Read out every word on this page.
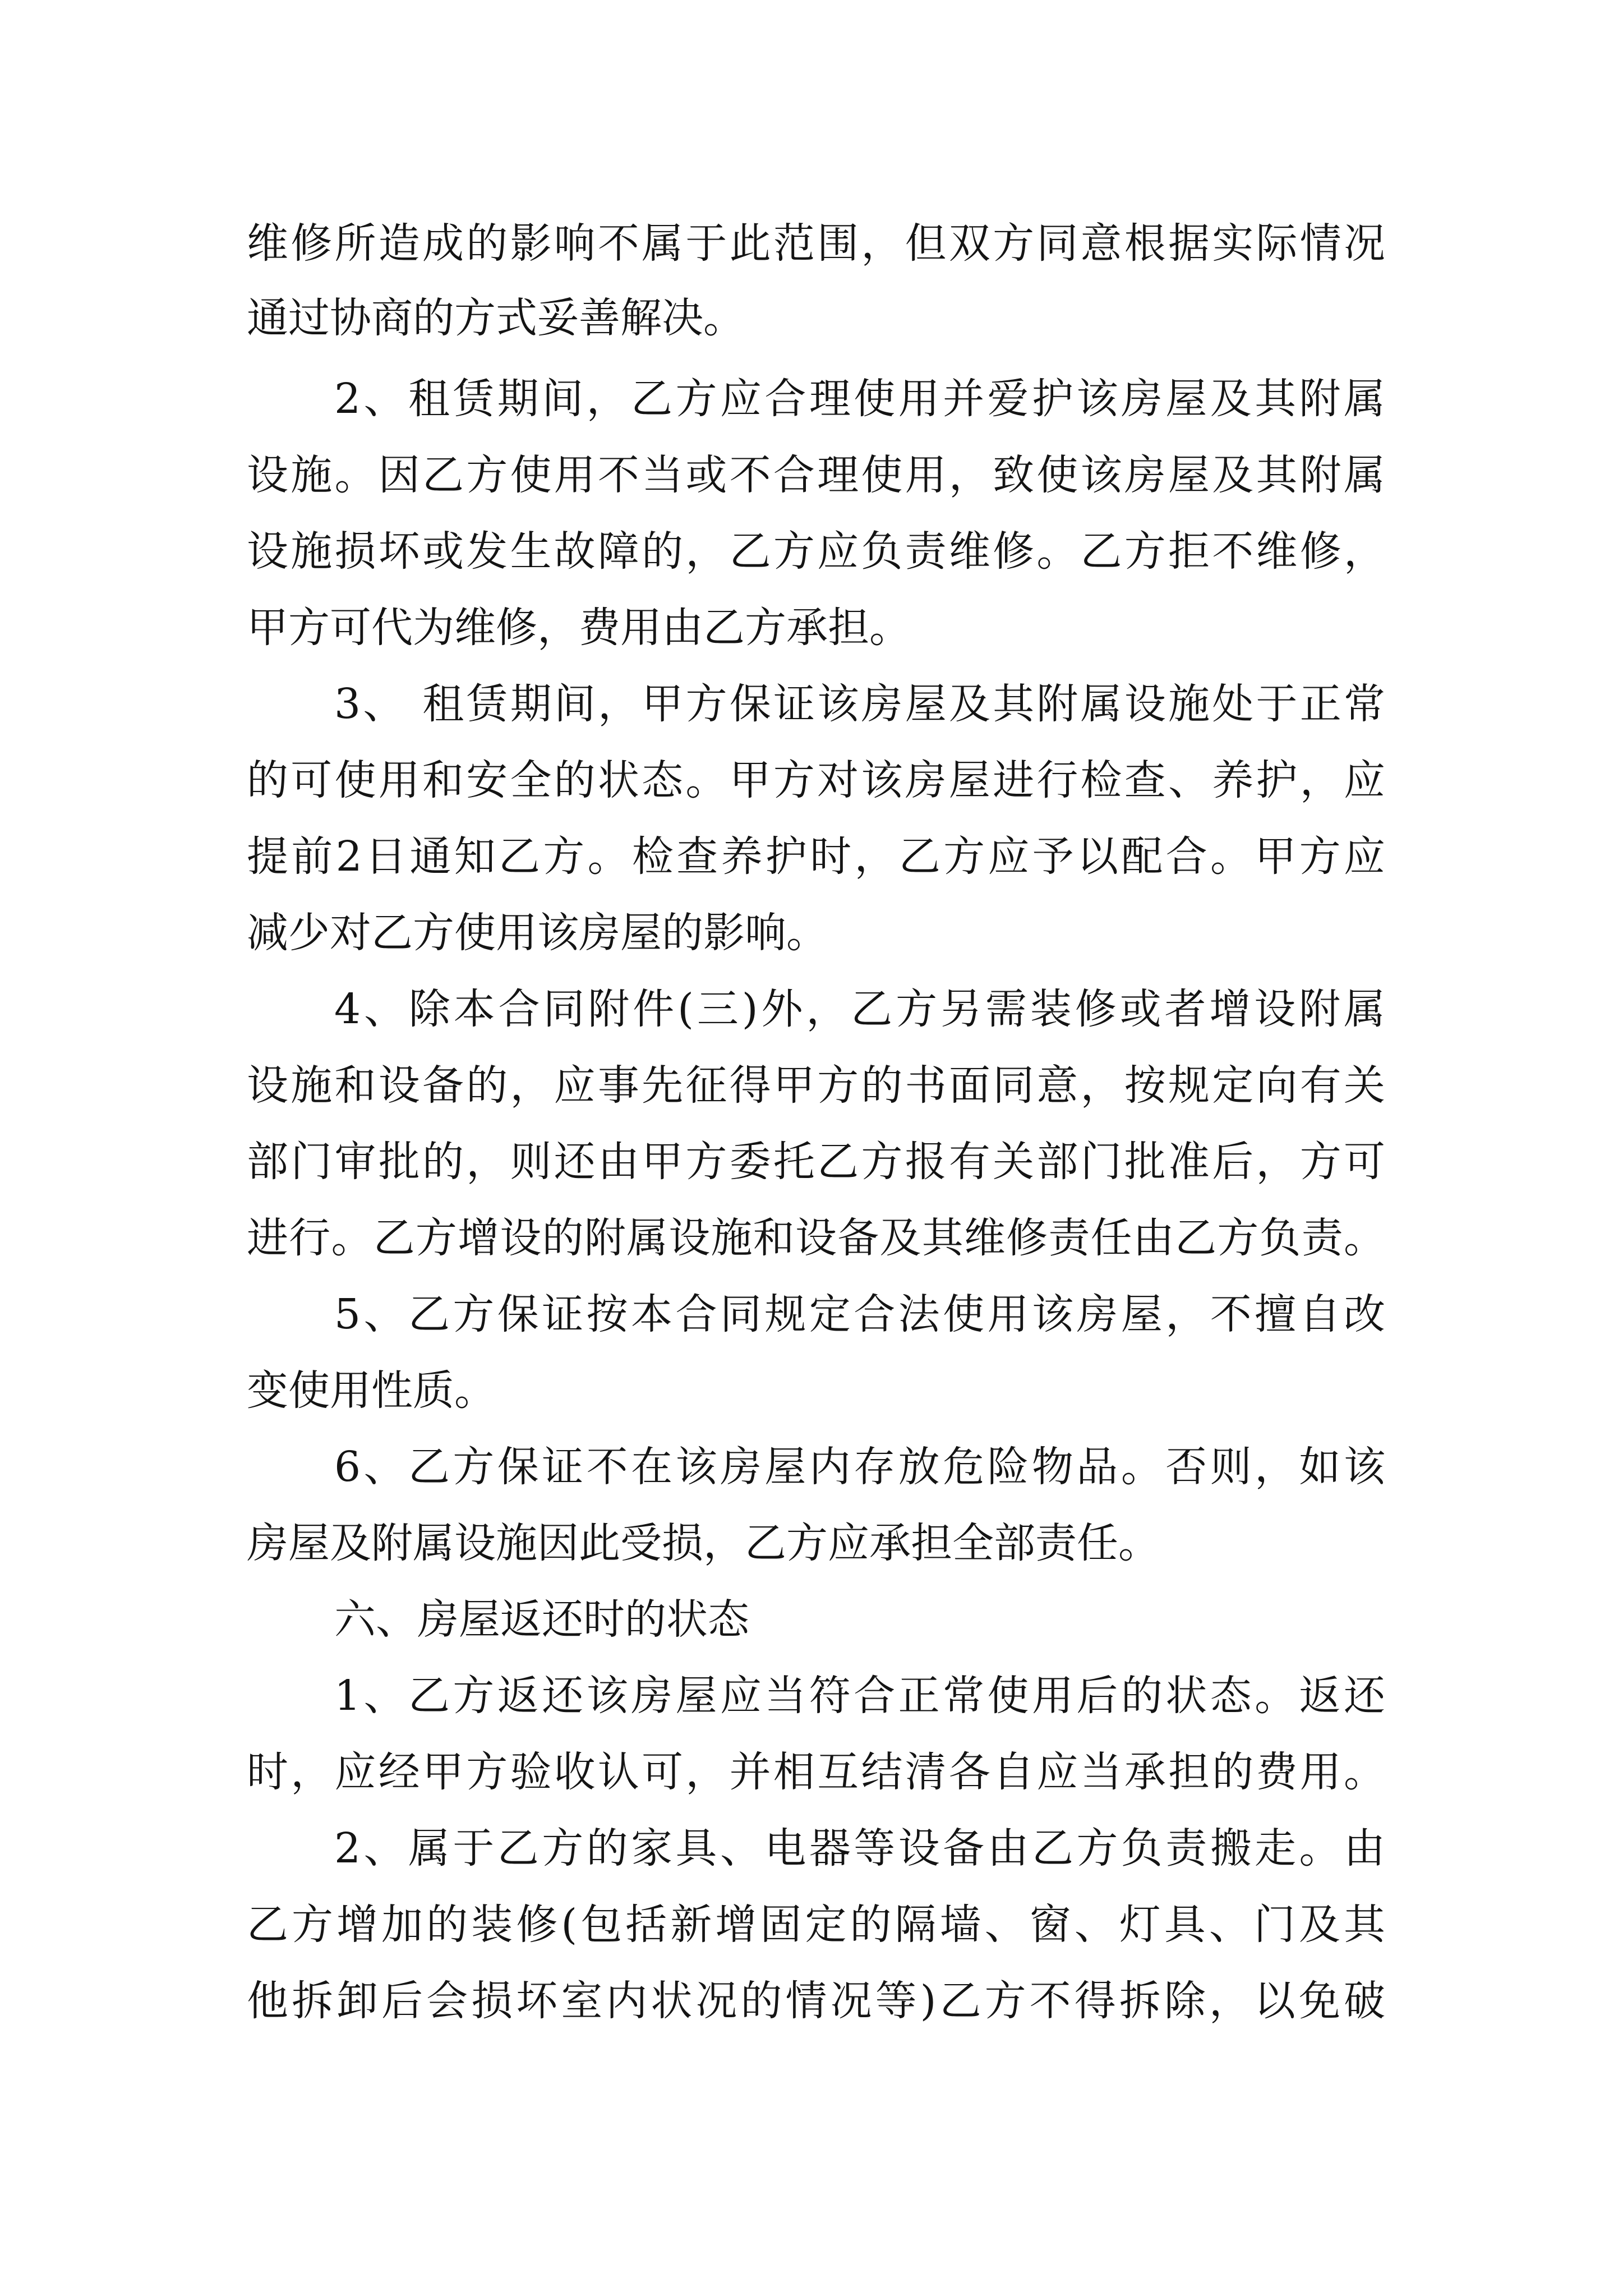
维修所造成的影响不属于此范围，但双方同意根据实际情况
通过协商的方式妥善解决。
2、租赁期间，乙方应合理使用并爱护该房屋及其附属
设施。因乙方使用不当或不合理使用，致使该房屋及其附属
设施损坏或发生故障的，乙方应负责维修。乙方拒不维修，
甲方可代为维修，费用由乙方承担。
3、 租赁期间，甲方保证该房屋及其附属设施处于正常
的可使用和安全的状态。甲方对该房屋进行检查、养护，应
提前2日通知乙方。检查养护时，乙方应予以配合。甲方应
减少对乙方使用该房屋的影响。
4、除本合同附件(三)外，乙方另需装修或者增设附属
设施和设备的，应事先征得甲方的书面同意，按规定向有关
部门审批的，则还由甲方委托乙方报有关部门批准后，方可
进行。乙方增设的附属设施和设备及其维修责任由乙方负责。
5、乙方保证按本合同规定合法使用该房屋，不擅自改
变使用性质。
6、乙方保证不在该房屋内存放危险物品。否则，如该
房屋及附属设施因此受损，乙方应承担全部责任。
六、房屋返还时的状态
1、乙方返还该房屋应当符合正常使用后的状态。返还
时，应经甲方验收认可，并相互结清各自应当承担的费用。
2、属于乙方的家具、电器等设备由乙方负责搬走。由
乙方增加的装修(包括新增固定的隔墙、窗、灯具、门及其
他拆卸后会损坏室内状况的情况等)乙方不得拆除，以免破
